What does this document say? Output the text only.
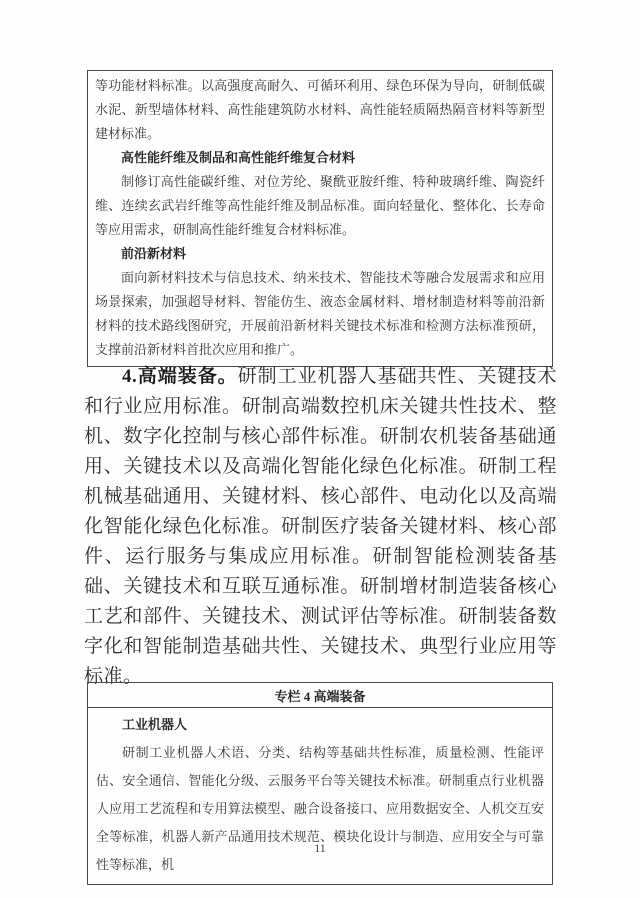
等功能材料标准。以高强度高耐久、可循环利用、绿色环保为导向，研制低碳水泥、新型墙体材料、高性能建筑防水材料、高性能轻质隔热隔音材料等新型建材标准。

高性能纤维及制品和高性能纤维复合材料

制修订高性能碳纤维、对位芳纶、聚酰亚胺纤维、特种玻璃纤维、陶瓷纤维、连续玄武岩纤维等高性能纤维及制品标准。面向轻量化、整体化、长寿命等应用需求，研制高性能纤维复合材料标准。

前沿新材料

面向新材料技术与信息技术、纳米技术、智能技术等融合发展需求和应用场景探索，加强超导材料、智能仿生、液态金属材料、增材制造材料等前沿新材料的技术路线图研究，开展前沿新材料关键技术标准和检测方法标准预研，支撑前沿新材料首批次应用和推广。

4.高端装备。研制工业机器人基础共性、关键技术和行业应用标准。研制高端数控机床关键共性技术、整机、数字化控制与核心部件标准。研制农机装备基础通用、关键技术以及高端化智能化绿色化标准。研制工程机械基础通用、关键材料、核心部件、电动化以及高端化智能化绿色化标准。研制医疗装备关键材料、核心部件、运行服务与集成应用标准。研制智能检测装备基础、关键技术和互联互通标准。研制增材制造装备核心工艺和部件、关键技术、测试评估等标准。研制装备数字化和智能制造基础共性、关键技术、典型行业应用等标准。

专栏 4 高端装备

工业机器人

研制工业机器人术语、分类、结构等基础共性标准，质量检测、性能评估、安全通信、智能化分级、云服务平台等关键技术标准。研制重点行业机器人应用工艺流程和专用算法模型、融合设备接口、应用数据安全、人机交互安全等标准，机器人新产品通用技术规范、模块化设计与制造、应用安全与可靠性等标准，机

11
